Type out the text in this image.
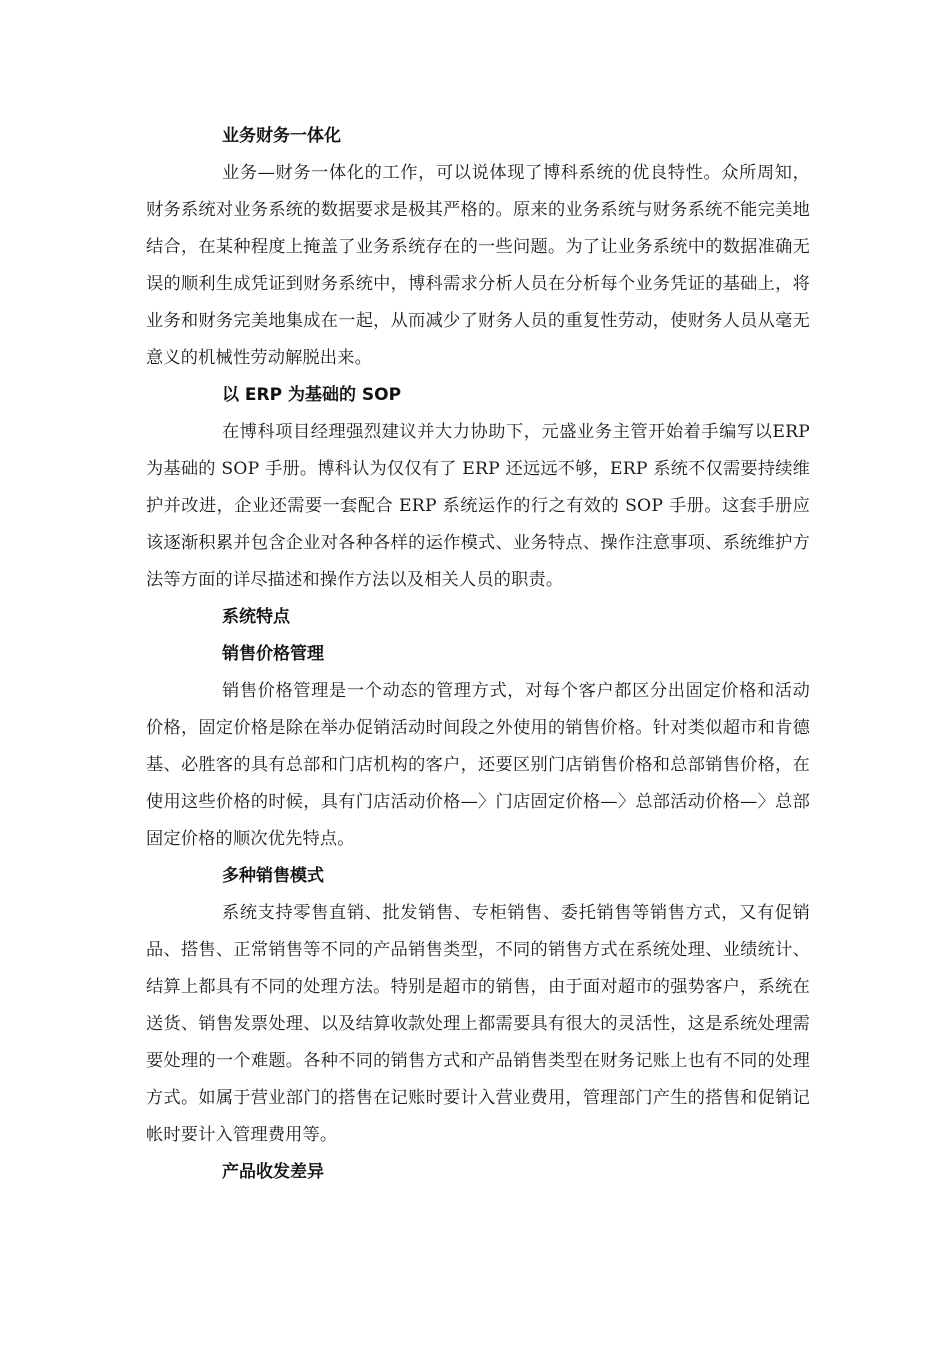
业务财务一体化

业务—财务一体化的工作，可以说体现了博科系统的优良特性。众所周知，财务系统对业务系统的数据要求是极其严格的。原来的业务系统与财务系统不能完美地结合，在某种程度上掩盖了业务系统存在的一些问题。为了让业务系统中的数据准确无误的顺利生成凭证到财务系统中，博科需求分析人员在分析每个业务凭证的基础上，将业务和财务完美地集成在一起，从而减少了财务人员的重复性劳动，使财务人员从毫无意义的机械性劳动解脱出来。

以 ERP 为基础的 SOP

在博科项目经理强烈建议并大力协助下，元盛业务主管开始着手编写以ERP为基础的 SOP 手册。博科认为仅仅有了 ERP 还远远不够，ERP 系统不仅需要持续维护并改进，企业还需要一套配合 ERP 系统运作的行之有效的 SOP 手册。这套手册应该逐渐积累并包含企业对各种各样的运作模式、业务特点、操作注意事项、系统维护方法等方面的详尽描述和操作方法以及相关人员的职责。

系统特点
销售价格管理

销售价格管理是一个动态的管理方式，对每个客户都区分出固定价格和活动价格，固定价格是除在举办促销活动时间段之外使用的销售价格。针对类似超市和肯德基、必胜客的具有总部和门店机构的客户，还要区别门店销售价格和总部销售价格，在使用这些价格的时候，具有门店活动价格—〉门店固定价格—〉总部活动价格—〉总部固定价格的顺次优先特点。

多种销售模式

系统支持零售直销、批发销售、专柜销售、委托销售等销售方式，又有促销品、搭售、正常销售等不同的产品销售类型，不同的销售方式在系统处理、业绩统计、结算上都具有不同的处理方法。特别是超市的销售，由于面对超市的强势客户，系统在送货、销售发票处理、以及结算收款处理上都需要具有很大的灵活性，这是系统处理需要处理的一个难题。各种不同的销售方式和产品销售类型在财务记账上也有不同的处理方式。如属于营业部门的搭售在记账时要计入营业费用，管理部门产生的搭售和促销记帐时要计入管理费用等。

产品收发差异
